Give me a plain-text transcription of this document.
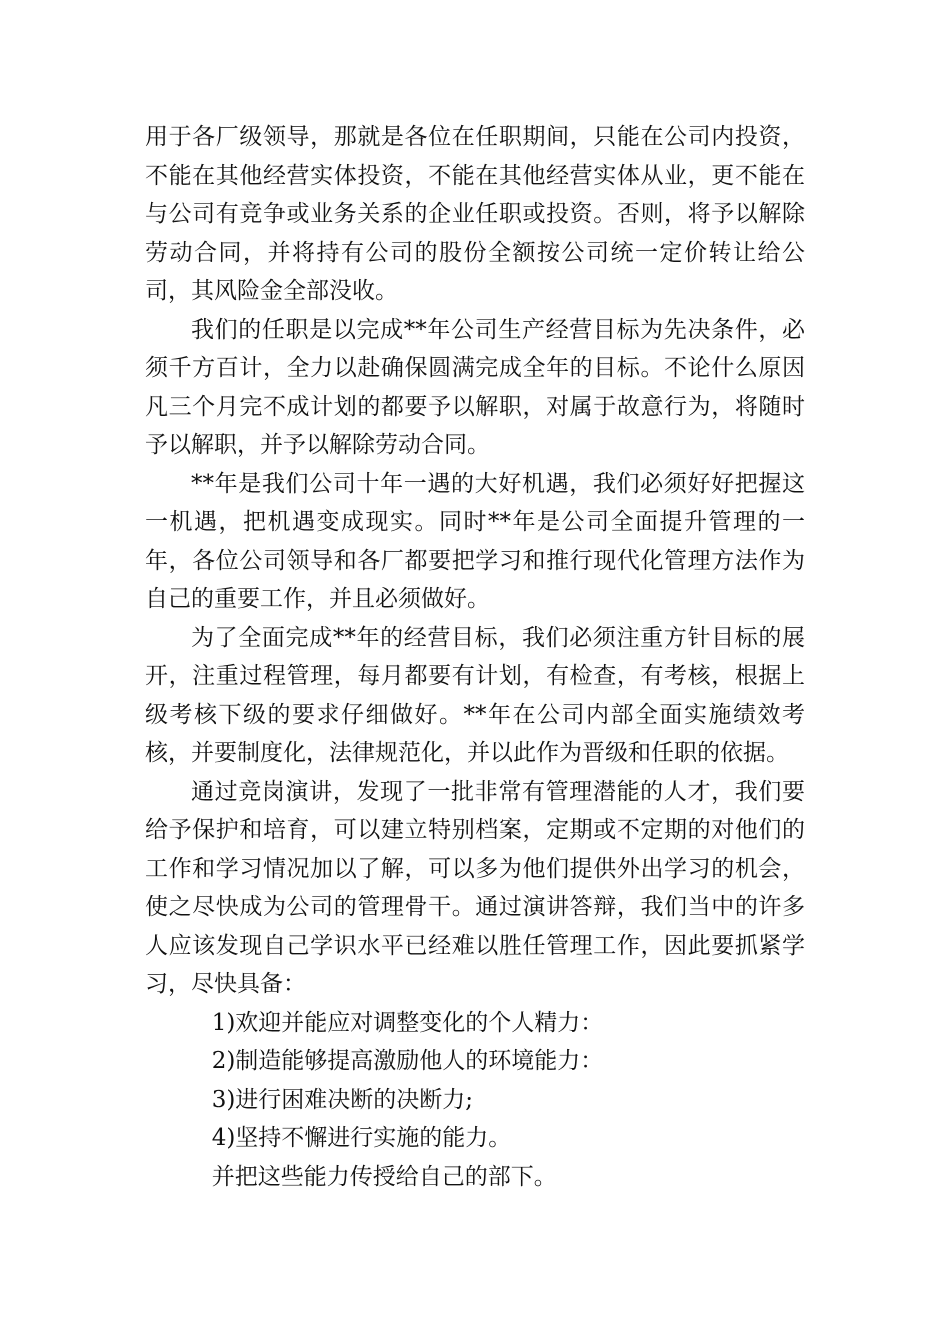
用于各厂级领导，那就是各位在任职期间，只能在公司内投资，不能在其他经营实体投资，不能在其他经营实体从业，更不能在与公司有竞争或业务关系的企业任职或投资。否则，将予以解除劳动合同，并将持有公司的股份全额按公司统一定价转让给公司，其风险金全部没收。

我们的任职是以完成**年公司生产经营目标为先决条件，必须千方百计，全力以赴确保圆满完成全年的目标。不论什么原因凡三个月完不成计划的都要予以解职，对属于故意行为，将随时予以解职，并予以解除劳动合同。

**年是我们公司十年一遇的大好机遇，我们必须好好把握这一机遇，把机遇变成现实。同时**年是公司全面提升管理的一年，各位公司领导和各厂都要把学习和推行现代化管理方法作为自己的重要工作，并且必须做好。

为了全面完成**年的经营目标，我们必须注重方针目标的展开，注重过程管理，每月都要有计划，有检查，有考核，根据上级考核下级的要求仔细做好。**年在公司内部全面实施绩效考核，并要制度化，法律规范化，并以此作为晋级和任职的依据。

通过竞岗演讲，发现了一批非常有管理潜能的人才，我们要给予保护和培育，可以建立特别档案，定期或不定期的对他们的工作和学习情况加以了解，可以多为他们提供外出学习的机会，使之尽快成为公司的管理骨干。通过演讲答辩，我们当中的许多人应该发现自己学识水平已经难以胜任管理工作，因此要抓紧学习，尽快具备：

1)欢迎并能应对调整变化的个人精力：

2)制造能够提高激励他人的环境能力：

3)进行困难决断的决断力;

4)坚持不懈进行实施的能力。

并把这些能力传授给自己的部下。
